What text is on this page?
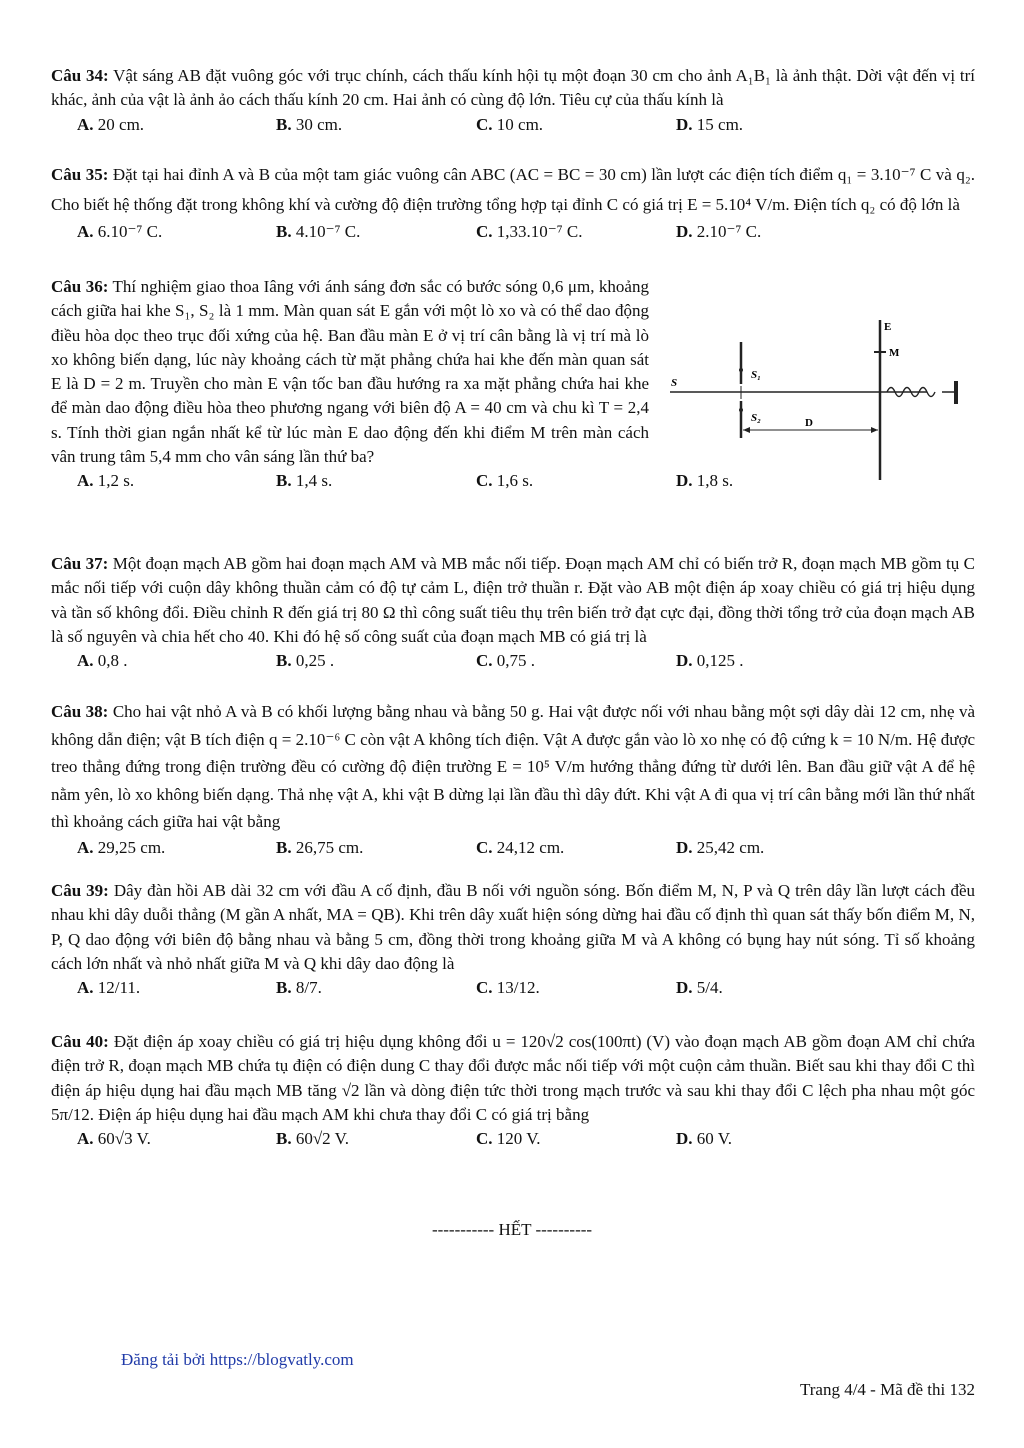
Câu 34: Vật sáng AB đặt vuông góc với trục chính, cách thấu kính hội tụ một đoạn 30 cm cho ảnh A₁B₁ là ảnh thật. Dời vật đến vị trí khác, ảnh của vật là ảnh ảo cách thấu kính 20 cm. Hai ảnh có cùng độ lớn. Tiêu cự của thấu kính là

A. 20 cm.	B. 30 cm.	C. 10 cm.	D. 15 cm.

Câu 35: Đặt tại hai đỉnh A và B của một tam giác vuông cân ABC (AC = BC = 30 cm) lần lượt các điện tích điểm q₁ = 3.10⁻⁷ C và q₂. Cho biết hệ thống đặt trong không khí và cường độ điện trường tổng hợp tại đỉnh C có giá trị E = 5.10⁴ V/m. Điện tích q₂ có độ lớn là

A. 6.10⁻⁷ C.	B. 4.10⁻⁷ C.	C. 1,33.10⁻⁷ C.	D. 2.10⁻⁷ C.

Câu 36: Thí nghiệm giao thoa Iâng với ánh sáng đơn sắc có bước sóng 0,6 μm, khoảng cách giữa hai khe S₁, S₂ là 1 mm. Màn quan sát E gắn với một lò xo và có thể dao động điều hòa dọc theo trục đối xứng của hệ. Ban đầu màn E ở vị trí cân bằng là vị trí mà lò xo không biến dạng, lúc này khoảng cách từ mặt phẳng chứa hai khe đến màn quan sát E là D = 2 m. Truyền cho màn E vận tốc ban đầu hướng ra xa mặt phẳng chứa hai khe để màn dao động điều hòa theo phương ngang với biên độ A = 40 cm và chu kì T = 2,4 s. Tính thời gian ngắn nhất kể từ lúc màn E dao động đến khi điểm M trên màn cách vân trung tâm 5,4 mm cho vân sáng lần thứ ba?

A. 1,2 s.	B. 1,4 s.	C. 1,6 s.	D. 1,8 s.
S
S₁
S₂
E
M
D

Câu 37: Một đoạn mạch AB gồm hai đoạn mạch AM và MB mắc nối tiếp. Đoạn mạch AM chỉ có biến trở R, đoạn mạch MB gồm tụ C mắc nối tiếp với cuộn dây không thuần cảm có độ tự cảm L, điện trở thuần r. Đặt vào AB một điện áp xoay chiều có giá trị hiệu dụng và tần số không đổi. Điều chỉnh R đến giá trị 80 Ω thì công suất tiêu thụ trên biến trở đạt cực đại, đồng thời tổng trở của đoạn mạch AB là số nguyên và chia hết cho 40. Khi đó hệ số công suất của đoạn mạch MB có giá trị là

A. 0,8 .	B. 0,25 .	C. 0,75 .	D. 0,125 .

Câu 38: Cho hai vật nhỏ A và B có khối lượng bằng nhau và bằng 50 g. Hai vật được nối với nhau bằng một sợi dây dài 12 cm, nhẹ và không dẫn điện; vật B tích điện q = 2.10⁻⁶ C còn vật A không tích điện. Vật A được gắn vào lò xo nhẹ có độ cứng k = 10 N/m. Hệ được treo thẳng đứng trong điện trường đều có cường độ điện trường E = 10⁵ V/m hướng thẳng đứng từ dưới lên. Ban đầu giữ vật A để hệ nằm yên, lò xo không biến dạng. Thả nhẹ vật A, khi vật B dừng lại lần đầu thì dây đứt. Khi vật A đi qua vị trí cân bằng mới lần thứ nhất thì khoảng cách giữa hai vật bằng

A. 29,25 cm.	B. 26,75 cm.	C. 24,12 cm.	D. 25,42 cm.

Câu 39: Dây đàn hồi AB dài 32 cm với đầu A cố định, đầu B nối với nguồn sóng. Bốn điểm M, N, P và Q trên dây lần lượt cách đều nhau khi dây duỗi thẳng (M gần A nhất, MA = QB). Khi trên dây xuất hiện sóng dừng hai đầu cố định thì quan sát thấy bốn điểm M, N, P, Q dao động với biên độ bằng nhau và bằng 5 cm, đồng thời trong khoảng giữa M và A không có bụng hay nút sóng. Tỉ số khoảng cách lớn nhất và nhỏ nhất giữa M và Q khi dây dao động là

A. 12/11.	B. 8/7.	C. 13/12.	D. 5/4.

Câu 40: Đặt điện áp xoay chiều có giá trị hiệu dụng không đổi u = 120√2 cos(100πt) (V) vào đoạn mạch AB gồm đoạn AM chỉ chứa điện trở R, đoạn mạch MB chứa tụ điện có điện dung C thay đổi được mắc nối tiếp với một cuộn cảm thuần. Biết sau khi thay đổi C thì điện áp hiệu dụng hai đầu mạch MB tăng √2 lần và dòng điện tức thời trong mạch trước và sau khi thay đổi C lệch pha nhau một góc 5π/12. Điện áp hiệu dụng hai đầu mạch AM khi chưa thay đổi C có giá trị bằng

A. 60√3 V.	B. 60√2 V.	C. 120 V.	D. 60 V.
----------- HẾT ----------
Đăng tải bởi https://blogvatly.com
Trang 4/4 - Mã đề thi 132
